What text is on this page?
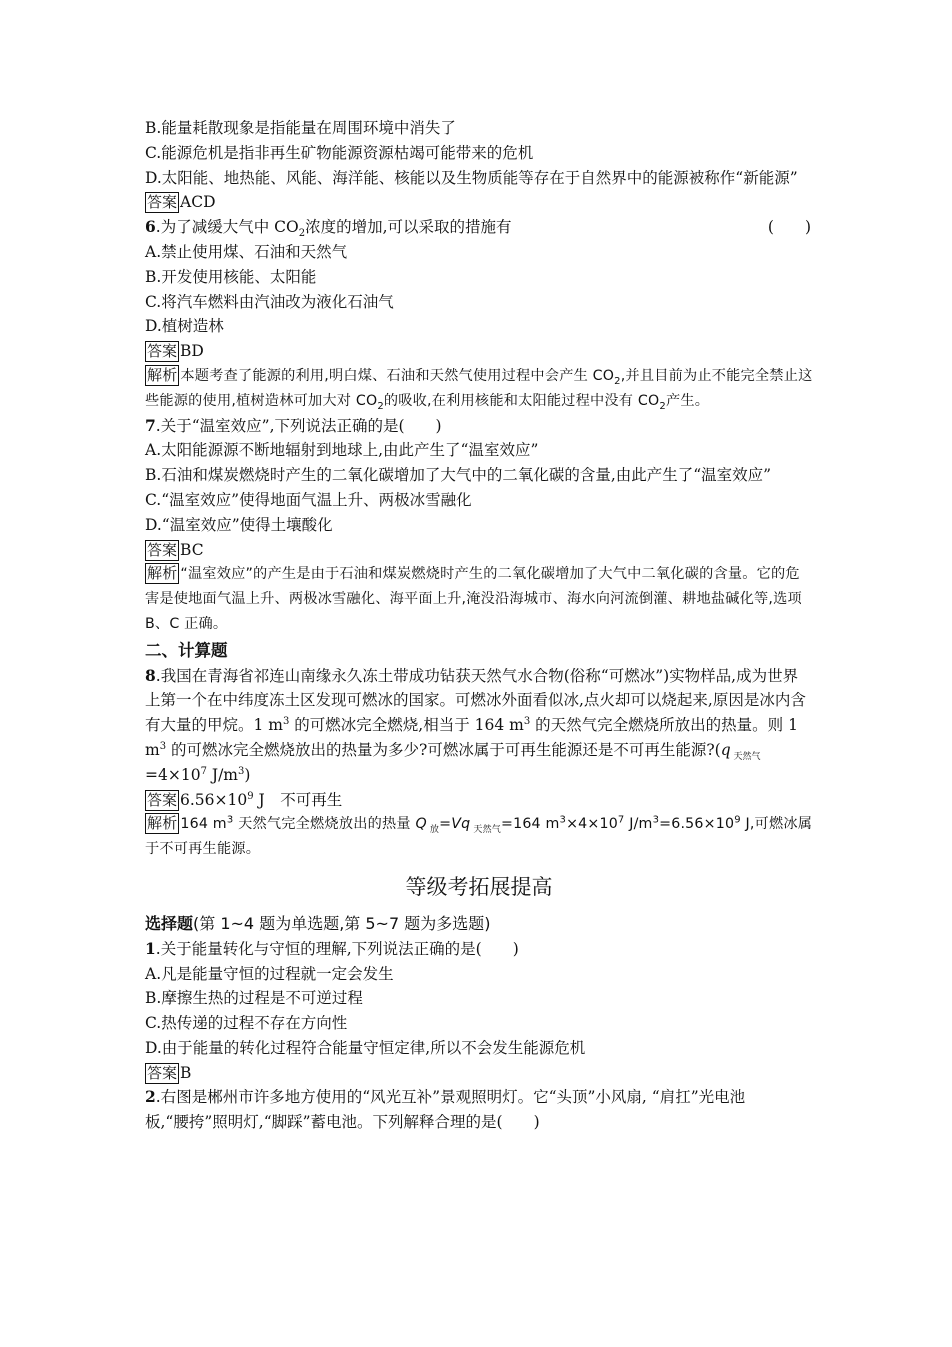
B.能量耗散现象是指能量在周围环境中消失了
C.能源危机是指非再生矿物能源资源枯竭可能带来的危机
D.太阳能、地热能、风能、海洋能、核能以及生物质能等存在于自然界中的能源被称作“新能源”
答案 ACD
6.为了减缓大气中 $CO_2$浓度的增加,可以采取的措施有	(　　)
A.禁止使用煤、石油和天然气
B.开发使用核能、太阳能
C.将汽车燃料由汽油改为液化石油气
D.植树造林
答案 BD
解析 本题考查了能源的利用,明白煤、石油和天然气使用过程中会产生 $CO_2$,并且目前为止不能完全禁止这些能源的使用,植树造林可加大对 $CO_2$的吸收,在利用核能和太阳能过程中没有 $CO_2$产生。
7.关于“温室效应”,下列说法正确的是(　　)
A.太阳能源源不断地辐射到地球上,由此产生了“温室效应”
B.石油和煤炭燃烧时产生的二氧化碳增加了大气中的二氧化碳的含量,由此产生了“温室效应”
C.“温室效应”使得地面气温上升、两极冰雪融化
D.“温室效应”使得土壤酸化
答案 BC
解析 “温室效应”的产生是由于石油和煤炭燃烧时产生的二氧化碳增加了大气中二氧化碳的含量。它的危害是使地面气温上升、两极冰雪融化、海平面上升,淹没沿海城市、海水向河流倒灌、耕地盐碱化等,选项 B、C 正确。
二、计算题
8.我国在青海省祁连山南缘永久冻土带成功钻获天然气水合物(俗称“可燃冰”)实物样品,成为世界上第一个在中纬度冻土区发现可燃冰的国家。可燃冰外面看似冰,点火却可以烧起来,原因是冰内含有大量的甲烷。1 $m^3$ 的可燃冰完全燃烧,相当于 164 $m^3$ 的天然气完全燃烧所放出的热量。则 1 $m^3$ 的可燃冰完全燃烧放出的热量为多少?可燃冰属于可再生能源还是不可再生能源?(q $_{天然气}=4\times 10^7$ $J/m^3$)
答案 $6.56\times 10^9$ J　不可再生
解析 164 $m^3$ 天然气完全燃烧放出的热量 Q $_放$=Vq $_{天然气}$=164 $m^3\times 4\times 10^7$ $J/m^3=6.56\times 10^9$ J,可燃冰属于不可再生能源。
等级考拓展提高
选择题(第 1~4 题为单选题,第 5~7 题为多选题)
1.关于能量转化与守恒的理解,下列说法正确的是(　　)
A.凡是能量守恒的过程就一定会发生
B.摩擦生热的过程是不可逆过程
C.热传递的过程不存在方向性
D.由于能量的转化过程符合能量守恒定律,所以不会发生能源危机
答案 B
2.右图是郴州市许多地方使用的“风光互补”景观照明灯。它“头顶”小风扇, “肩扛”光电池
板,“腰挎”照明灯,“脚踩”蓄电池。下列解释合理的是(　　)
